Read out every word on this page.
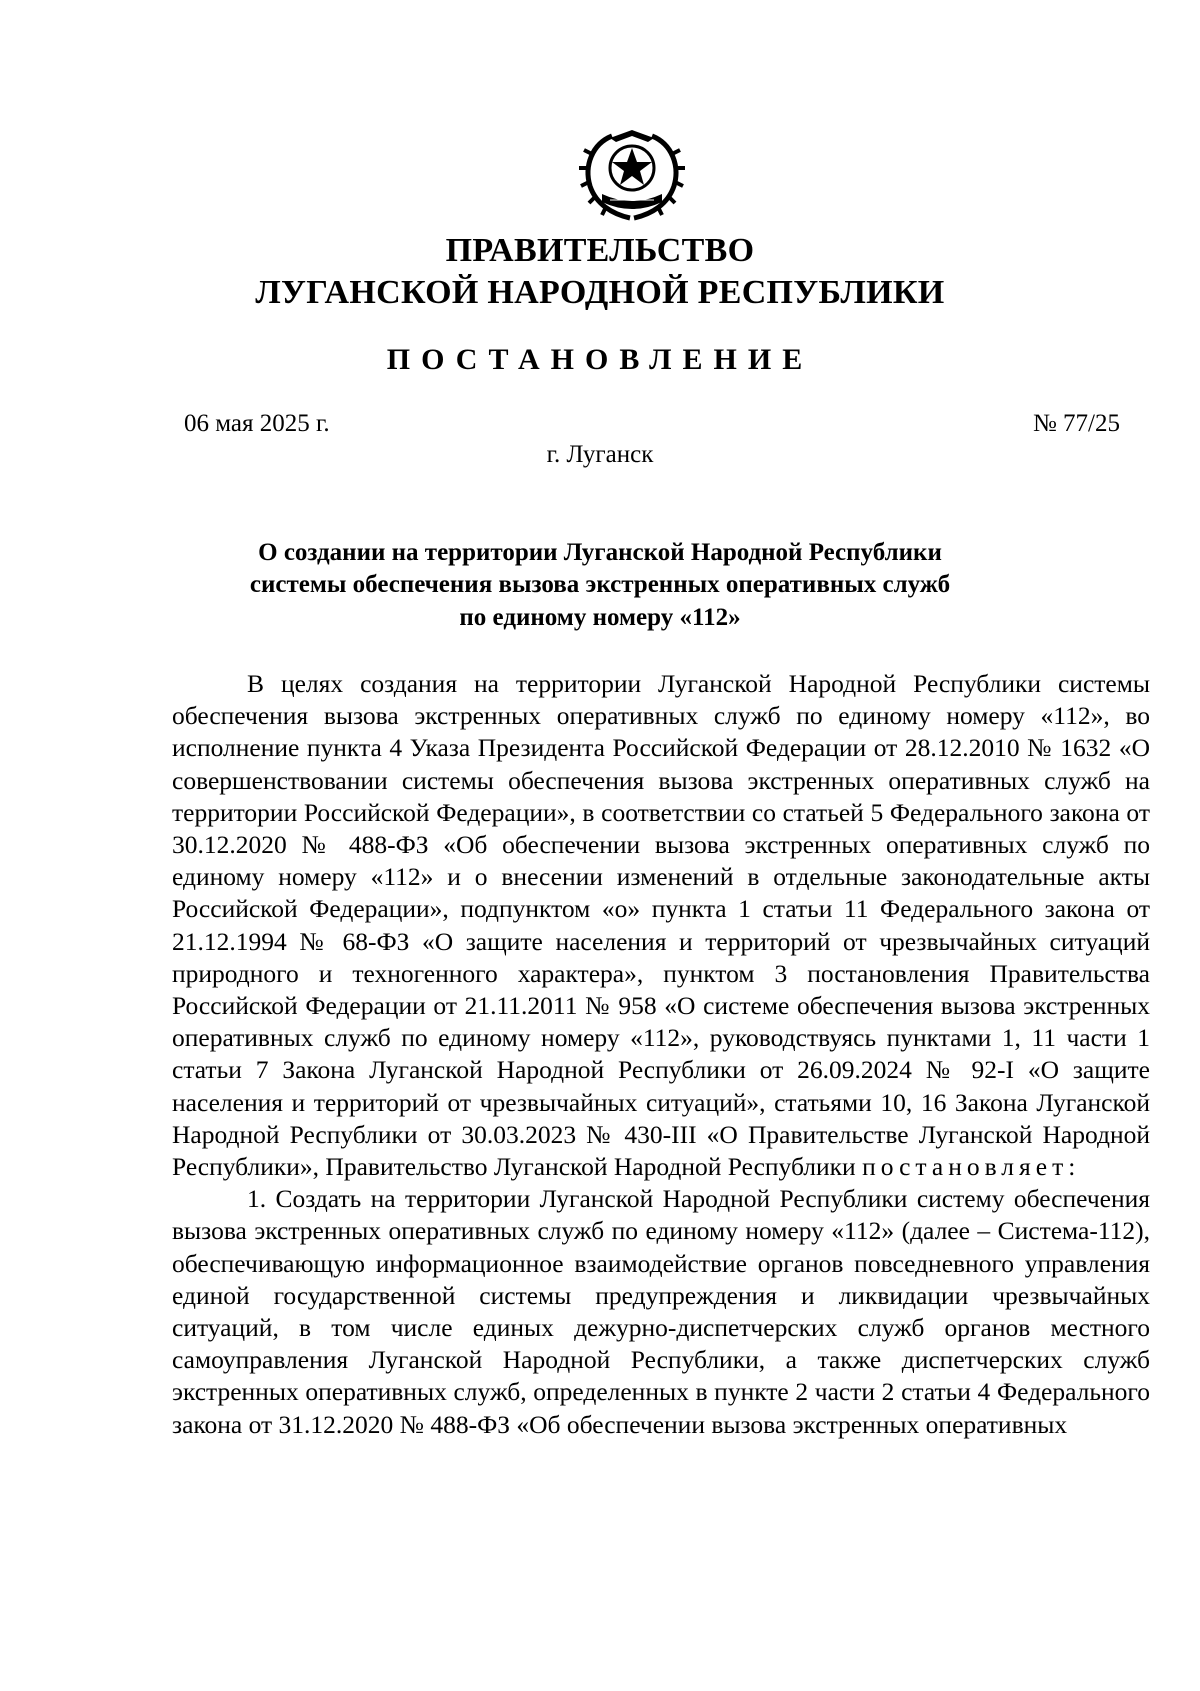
ПРАВИТЕЛЬСТВО
ЛУГАНСКОЙ НАРОДНОЙ РЕСПУБЛИКИ
ПОСТАНОВЛЕНИЕ
06 мая 2025 г.	№ 77/25
г. Луганск
О создании на территории Луганской Народной Республики
системы обеспечения вызова экстренных оперативных служб
по единому номеру «112»

В целях создания на территории Луганской Народной Республики системы обеспечения вызова экстренных оперативных служб по единому номеру «112», во исполнение пункта 4 Указа Президента Российской Федерации от 28.12.2010 № 1632 «О совершенствовании системы обеспечения вызова экстренных оперативных служб на территории Российской Федерации», в соответствии со статьей 5 Федерального закона от 30.12.2020 № 488-ФЗ «Об обеспечении вызова экстренных оперативных служб по единому номеру «112» и о внесении изменений в отдельные законодательные акты Российской Федерации», подпунктом «о» пункта 1 статьи 11 Федерального закона от 21.12.1994 № 68-ФЗ «О защите населения и территорий от чрезвычайных ситуаций природного и техногенного характера», пунктом 3 постановления Правительства Российской Федерации от 21.11.2011 № 958 «О системе обеспечения вызова экстренных оперативных служб по единому номеру «112», руководствуясь пунктами 1, 11 части 1 статьи 7 Закона Луганской Народной Республики от 26.09.2024 № 92-I «О защите населения и территорий от чрезвычайных ситуаций», статьями 10, 16 Закона Луганской Народной Республики от 30.03.2023 № 430-III «О Правительстве Луганской Народной Республики», Правительство Луганской Народной Республики постановляет:

1. Создать на территории Луганской Народной Республики систему обеспечения вызова экстренных оперативных служб по единому номеру «112» (далее – Система-112), обеспечивающую информационное взаимодействие органов повседневного управления единой государственной системы предупреждения и ликвидации чрезвычайных ситуаций, в том числе единых дежурно-диспетчерских служб органов местного самоуправления Луганской Народной Республики, а также диспетчерских служб экстренных оперативных служб, определенных в пункте 2 части 2 статьи 4 Федерального закона от 31.12.2020 № 488-ФЗ «Об обеспечении вызова экстренных оперативных
